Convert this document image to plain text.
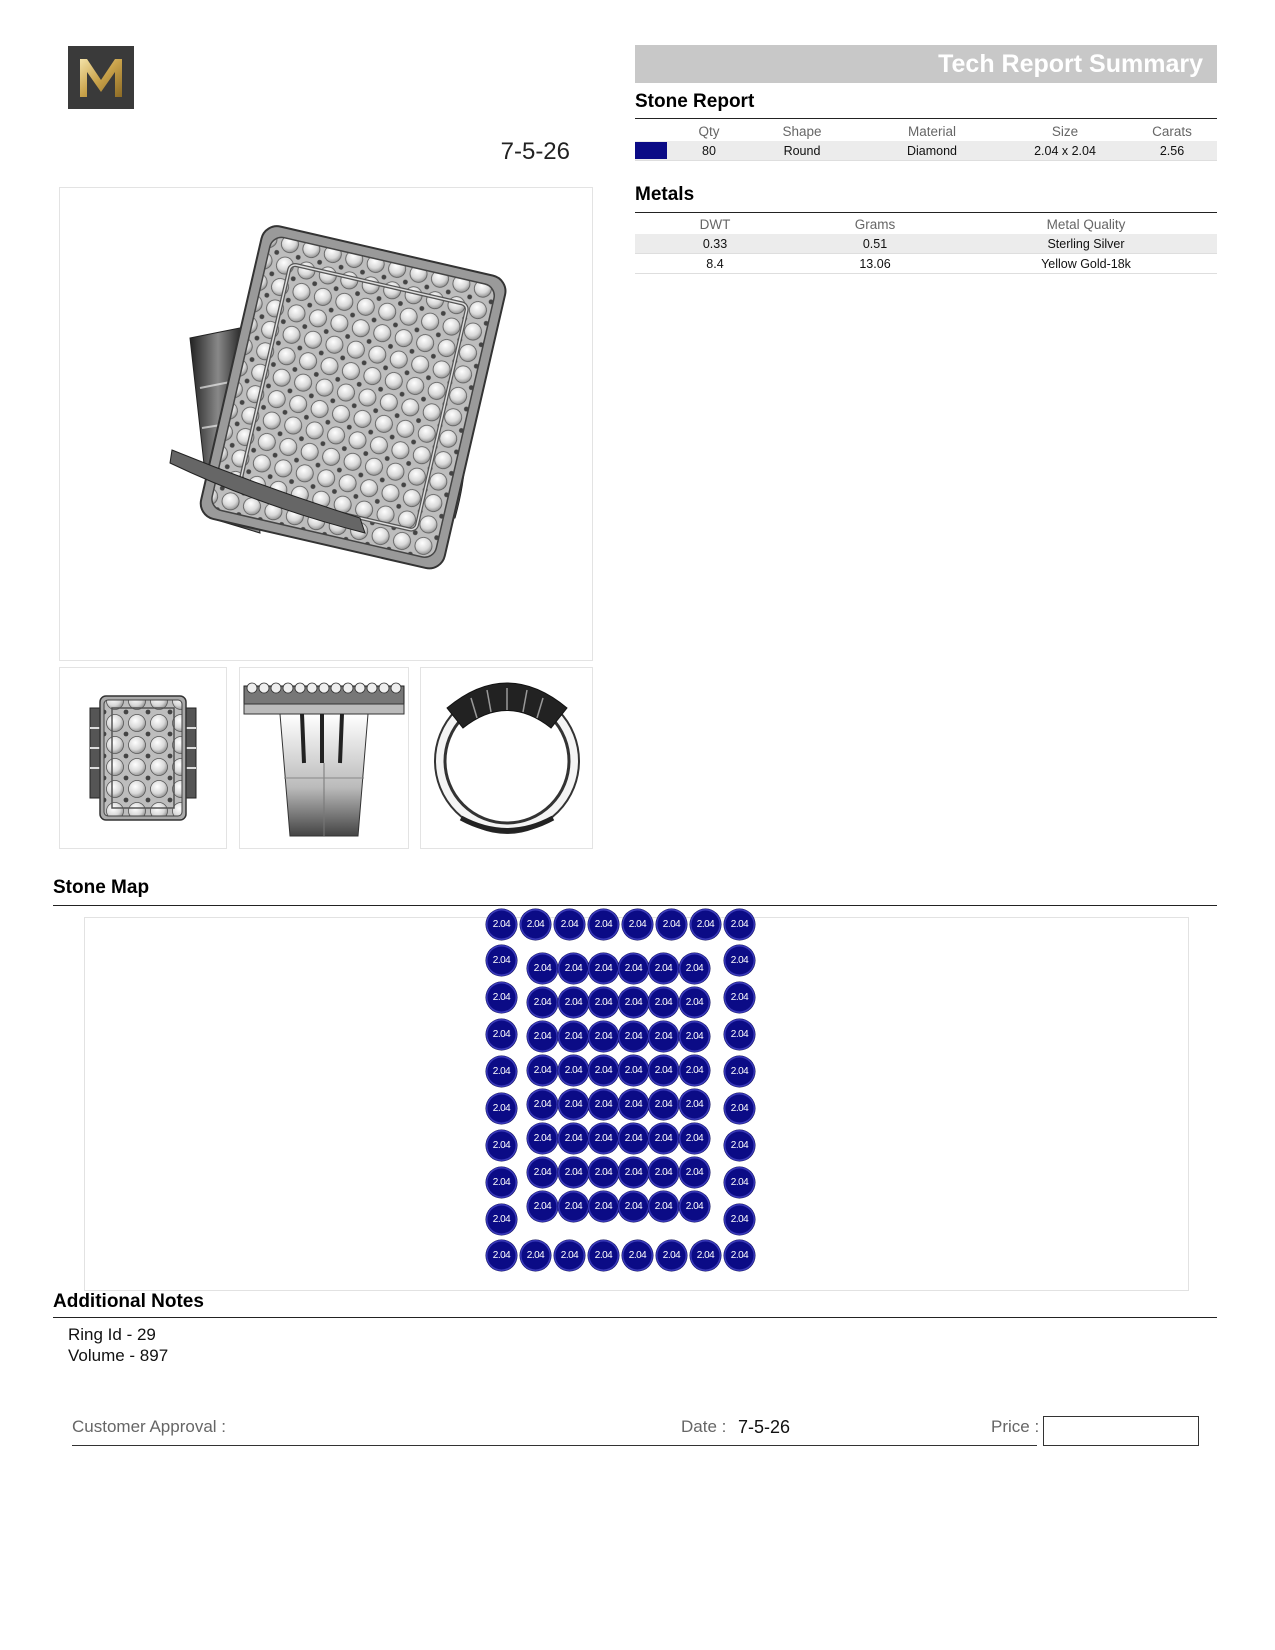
7-5-26
Tech Report Summary
Stone Report
	Qty	Shape	Material	Size	Carats

	80	Round	Diamond	2.04 x 2.04	2.56
Metals
DWT	Grams	Metal Quality
0.33	0.51	Sterling Silver
8.4	13.06	Yellow Gold-18k
Stone Map
2.04	2.04	2.04	2.04	2.04	2.04	2.04	2.04
2.04	2.04	2.04	2.04	2.04	2.04	2.04	2.04
2.04	2.04
2.04	2.04
2.04	2.04
2.04	2.04
2.04	2.04
2.04	2.04
2.04	2.04
2.04	2.04
2.04	2.04	2.04	2.04	2.04	2.04
2.04	2.04	2.04	2.04	2.04	2.04
2.04	2.04	2.04	2.04	2.04	2.04
2.04	2.04	2.04	2.04	2.04	2.04
2.04	2.04	2.04	2.04	2.04	2.04
2.04	2.04	2.04	2.04	2.04	2.04
2.04	2.04	2.04	2.04	2.04	2.04
2.04	2.04	2.04	2.04	2.04	2.04
Additional Notes
Ring Id - 29
Volume - 897
Customer Approval :	Date : 7-5-26	Price :
